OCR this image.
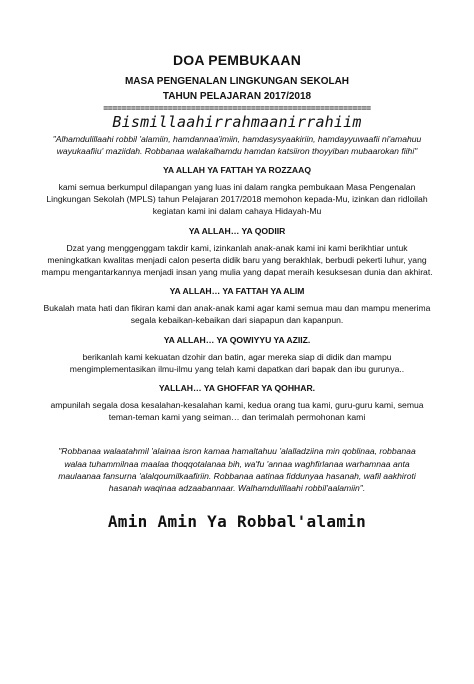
DOA PEMBUKAAN
MASA PENGENALAN LINGKUNGAN SEKOLAH
TAHUN PELAJARAN 2017/2018
==========================================================
Bismillaahirrahmaanirrahiim
"Alhamdulillaahi robbil 'alamiin, hamdannaa'imiin, hamdasysyaakiriin, hamdayyuwaafii ni'amahuu wayukaafiiu' maziidah. Robbanaa walakalhamdu hamdan katsiiron thoyyiban mubaarokan fiihi"
YA ALLAH YA FATTAH YA ROZZAAQ
kami semua berkumpul dilapangan yang luas ini dalam rangka pembukaan Masa Pengenalan Lingkungan Sekolah (MPLS) tahun Pelajaran 2017/2018 memohon kepada-Mu, izinkan dan ridloilah kegiatan kami ini dalam cahaya Hidayah-Mu
YA ALLAH… YA QODIIR
Dzat yang menggenggam takdir kami, izinkanlah anak-anak kami ini kami berikhtiar untuk meningkatkan kwalitas menjadi calon peserta didik baru yang berakhlak, berbudi pekerti luhur, yang mampu mengantarkannya menjadi insan yang mulia yang dapat meraih kesuksesan dunia dan akhirat.
YA ALLAH… YA FATTAH YA ALIM
Bukalah mata hati dan fikiran kami dan anak-anak kami agar kami semua mau dan mampu menerima segala kebaikan-kebaikan dari siapapun dan kapanpun.
YA ALLAH… YA QOWIYYU YA AZIIZ.
berikanlah kami kekuatan dzohir dan batin, agar mereka siap di didik dan mampu mengimplementasikan ilmu-ilmu yang telah kami dapatkan dari bapak dan ibu gurunya..
YALLAH… YA GHOFFAR YA QOHHAR.
ampunilah segala dosa kesalahan-kesalahan kami, kedua orang tua kami, guru-guru kami, semua teman-teman kami yang seiman… dan terimalah permohonan kami
"Robbanaa walaatahmil 'alainaa isron kamaa hamaltahuu 'alalladziina min qoblinaa, robbanaa walaa tuhammilnaa maalaa thoqqotalanaa bih, wa'fu 'annaa waghfirlanaa warhamnaa anta maulaanaa fansurna 'alalqoumilkaafiriin. Robbanaa aatinaa fiddunyaa hasanah, wafil aakhiroti hasanah waqinaa adzaabannaar. Walhamdulillaahi robbil'aalamiin".
Amin Amin Ya Robbal'alamin
